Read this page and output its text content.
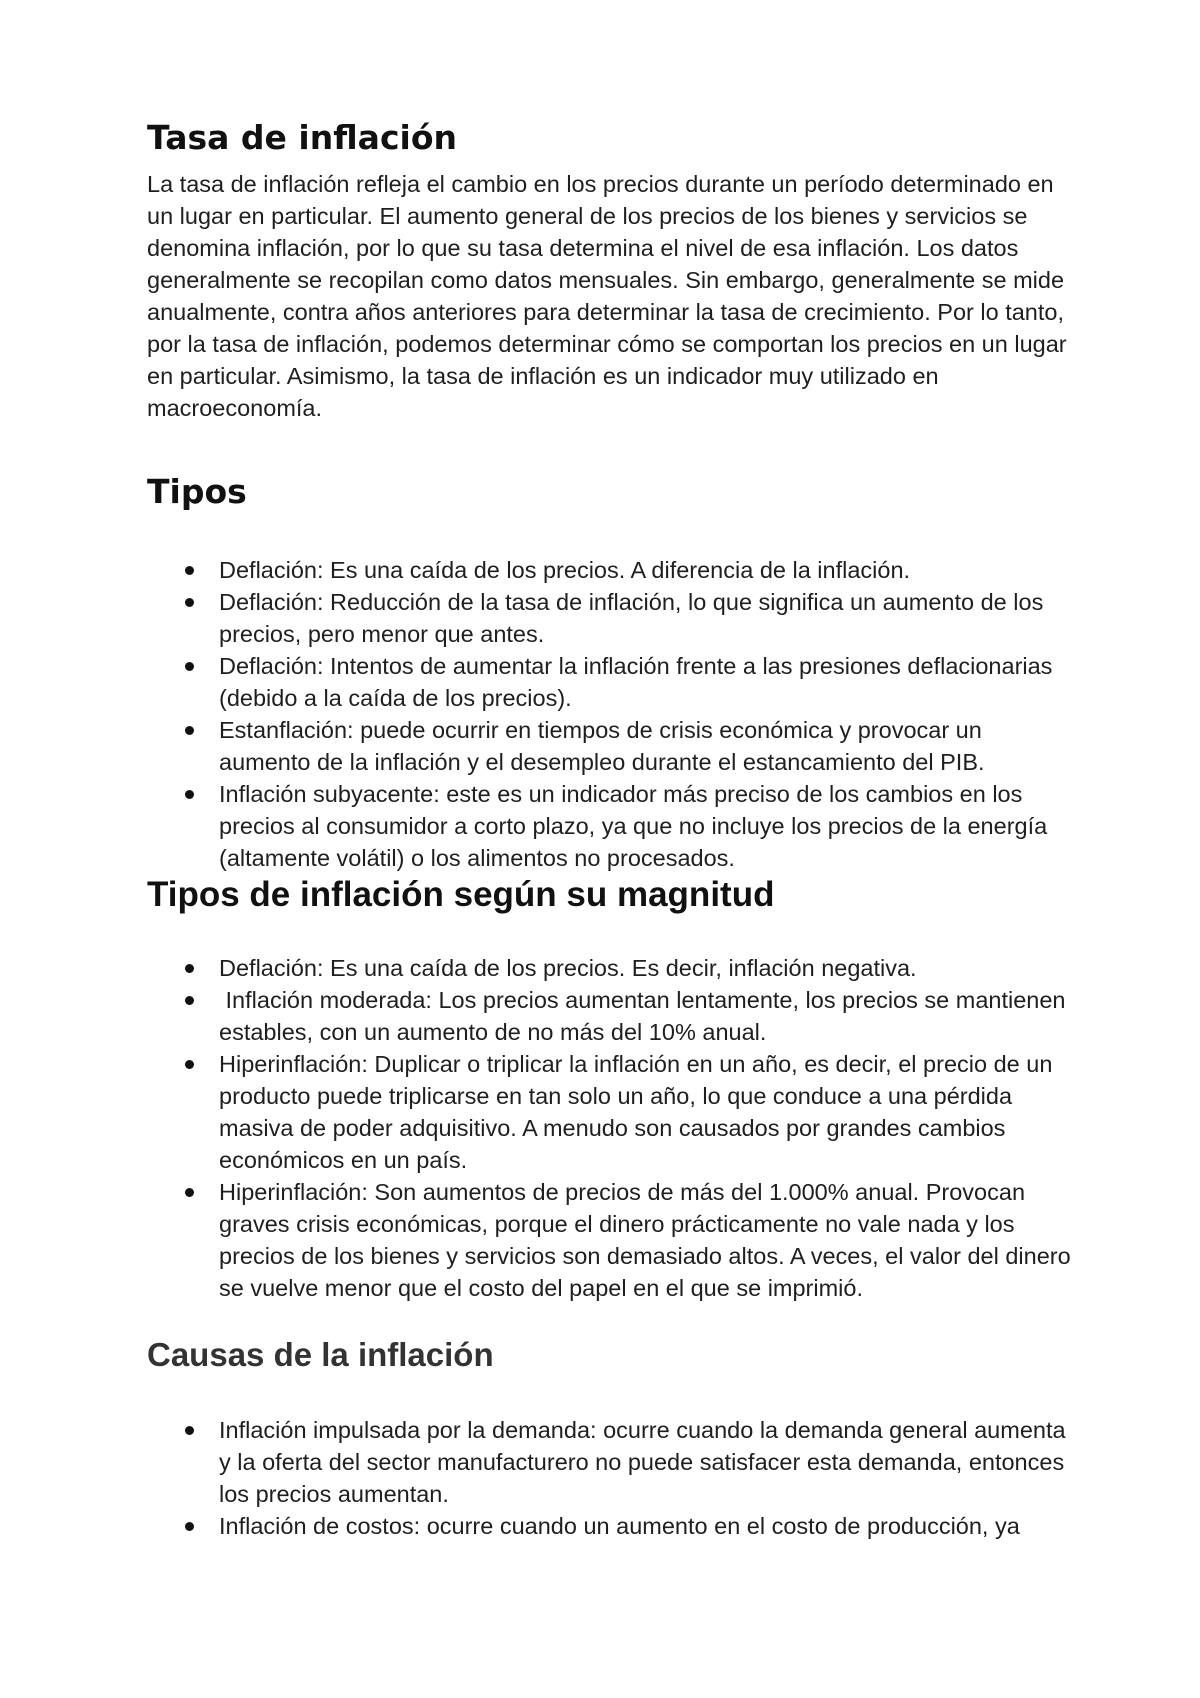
Tasa de inflación

La tasa de inflación refleja el cambio en los precios durante un período determinado en un lugar en particular. El aumento general de los precios de los bienes y servicios se denomina inflación, por lo que su tasa determina el nivel de esa inflación. Los datos generalmente se recopilan como datos mensuales. Sin embargo, generalmente se mide anualmente, contra años anteriores para determinar la tasa de crecimiento. Por lo tanto, por la tasa de inflación, podemos determinar cómo se comportan los precios en un lugar en particular. Asimismo, la tasa de inflación es un indicador muy utilizado en macroeconomía.

Tipos
Deflación: Es una caída de los precios. A diferencia de la inflación.
Deflación: Reducción de la tasa de inflación, lo que significa un aumento de los precios, pero menor que antes.
Deflación: Intentos de aumentar la inflación frente a las presiones deflacionarias (debido a la caída de los precios).
Estanflación: puede ocurrir en tiempos de crisis económica y provocar un aumento de la inflación y el desempleo durante el estancamiento del PIB.
Inflación subyacente: este es un indicador más preciso de los cambios en los precios al consumidor a corto plazo, ya que no incluye los precios de la energía (altamente volátil) o los alimentos no procesados.
Tipos de inflación según su magnitud
Deflación: Es una caída de los precios. Es decir, inflación negativa.
Inflación moderada: Los precios aumentan lentamente, los precios se mantienen estables, con un aumento de no más del 10% anual.
Hiperinflación: Duplicar o triplicar la inflación en un año, es decir, el precio de un producto puede triplicarse en tan solo un año, lo que conduce a una pérdida masiva de poder adquisitivo. A menudo son causados por grandes cambios económicos en un país.
Hiperinflación: Son aumentos de precios de más del 1.000% anual. Provocan graves crisis económicas, porque el dinero prácticamente no vale nada y los precios de los bienes y servicios son demasiado altos. A veces, el valor del dinero se vuelve menor que el costo del papel en el que se imprimió.
Causas de la inflación
Inflación impulsada por la demanda: ocurre cuando la demanda general aumenta y la oferta del sector manufacturero no puede satisfacer esta demanda, entonces los precios aumentan.
Inflación de costos: ocurre cuando un aumento en el costo de producción, ya
